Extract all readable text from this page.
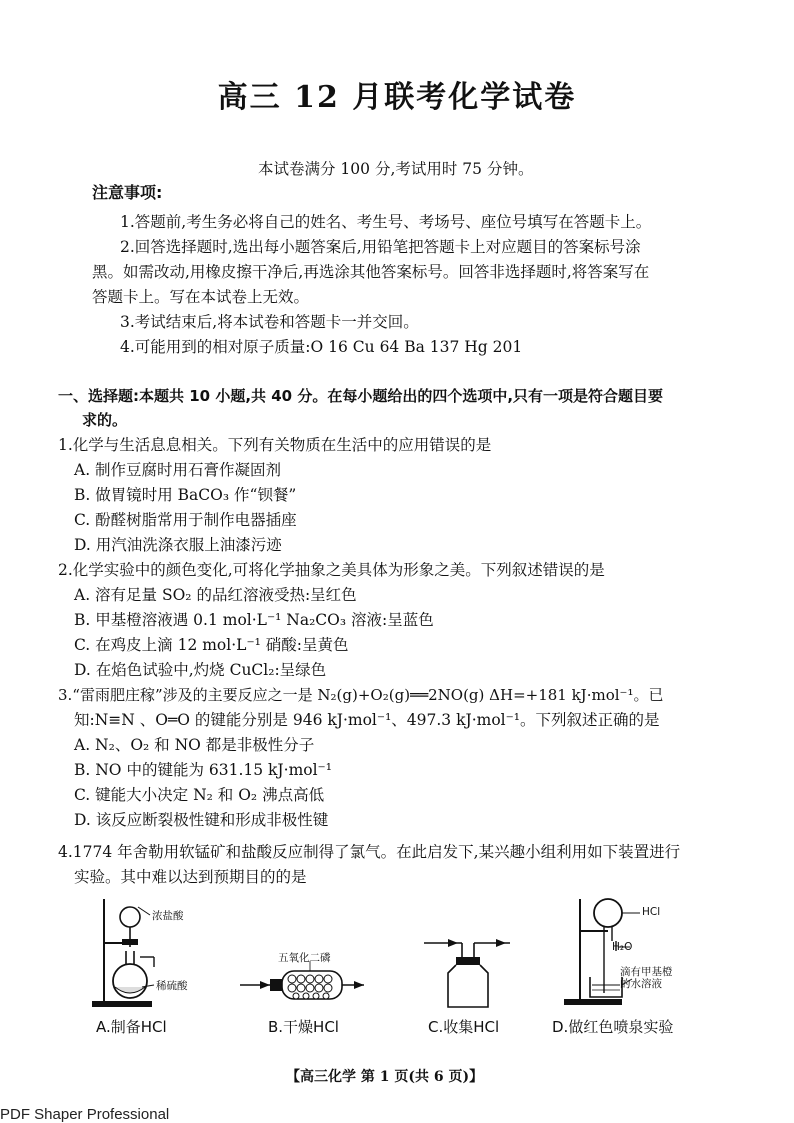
高三 12 月联考化学试卷
本试卷满分 100 分,考试用时 75 分钟。
注意事项:
1.答题前,考生务必将自己的姓名、考生号、考场号、座位号填写在答题卡上。
2.回答选择题时,选出每小题答案后,用铅笔把答题卡上对应题目的答案标号涂
黑。如需改动,用橡皮擦干净后,再选涂其他答案标号。回答非选择题时,将答案写在
答题卡上。写在本试卷上无效。
3.考试结束后,将本试卷和答题卡一并交回。
4.可能用到的相对原子质量:O 16 Cu 64 Ba 137 Hg 201
一、选择题:本题共 10 小题,共 40 分。在每小题给出的四个选项中,只有一项是符合题目要
求的。
1.化学与生活息息相关。下列有关物质在生活中的应用错误的是
A. 制作豆腐时用石膏作凝固剂
B. 做胃镜时用 BaCO₃ 作“钡餐”
C. 酚醛树脂常用于制作电器插座
D. 用汽油洗涤衣服上油漆污迹
2.化学实验中的颜色变化,可将化学抽象之美具体为形象之美。下列叙述错误的是
A. 溶有足量 SO₂ 的品红溶液受热:呈红色
B. 甲基橙溶液遇 0.1 mol·L⁻¹ Na₂CO₃ 溶液:呈蓝色
C. 在鸡皮上滴 12 mol·L⁻¹ 硝酸:呈黄色
D. 在焰色试验中,灼烧 CuCl₂:呈绿色
3.“雷雨肥庄稼”涉及的主要反应之一是 N₂(g)+O₂(g)══2NO(g) ΔH=+181 kJ·mol⁻¹。已
知:N≡N 、O═O 的键能分别是 946 kJ·mol⁻¹、497.3 kJ·mol⁻¹。下列叙述正确的是
A. N₂、O₂ 和 NO 都是非极性分子
B. NO 中的键能为 631.15 kJ·mol⁻¹
C. 键能大小决定 N₂ 和 O₂ 沸点高低
D. 该反应断裂极性键和形成非极性键
4.1774 年舍勒用软锰矿和盐酸反应制得了氯气。在此启发下,某兴趣小组利用如下装置进行
实验。其中难以达到预期目的的是
浓盐酸
稀硫酸
五氧化二磷
HCl
H₂O
滴有甲基橙
的水溶液
A.制备HCl	B.干燥HCl	C.收集HCl	D.做红色喷泉实验
【高三化学 第 1 页(共 6 页)】
PDF Shaper Professional
